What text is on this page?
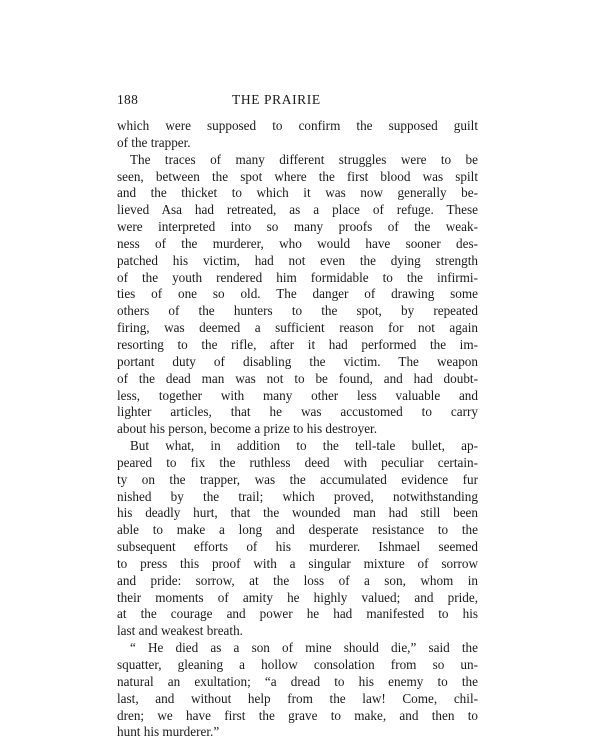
188	THE PRAIRIE
which were supposed to confirm the supposed guilt
of the trapper.
The traces of many different struggles were to be
seen, between the spot where the first blood was spilt
and the thicket to which it was now generally be-
lieved Asa had retreated, as a place of refuge. These
were interpreted into so many proofs of the weak-
ness of the murderer, who would have sooner des-
patched his victim, had not even the dying strength
of the youth rendered him formidable to the infirmi-
ties of one so old. The danger of drawing some
others of the hunters to the spot, by repeated
firing, was deemed a sufficient reason for not again
resorting to the rifle, after it had performed the im-
portant duty of disabling the victim. The weapon
of the dead man was not to be found, and had doubt-
less, together with many other less valuable and
lighter articles, that he was accustomed to carry
about his person, become a prize to his destroyer.
But what, in addition to the tell-tale bullet, ap-
peared to fix the ruthless deed with peculiar certain-
ty on the trapper, was the accumulated evidence fur
nished by the trail; which proved, notwithstanding
his deadly hurt, that the wounded man had still been
able to make a long and desperate resistance to the
subsequent efforts of his murderer. Ishmael seemed
to press this proof with a singular mixture of sorrow
and pride: sorrow, at the loss of a son, whom in
their moments of amity he highly valued; and pride,
at the courage and power he had manifested to his
last and weakest breath.
“ He died as a son of mine should die,” said the
squatter, gleaning a hollow consolation from so un-
natural an exultation; “a dread to his enemy to the
last, and without help from the law! Come, chil-
dren; we have first the grave to make, and then to
hunt his murderer.”
